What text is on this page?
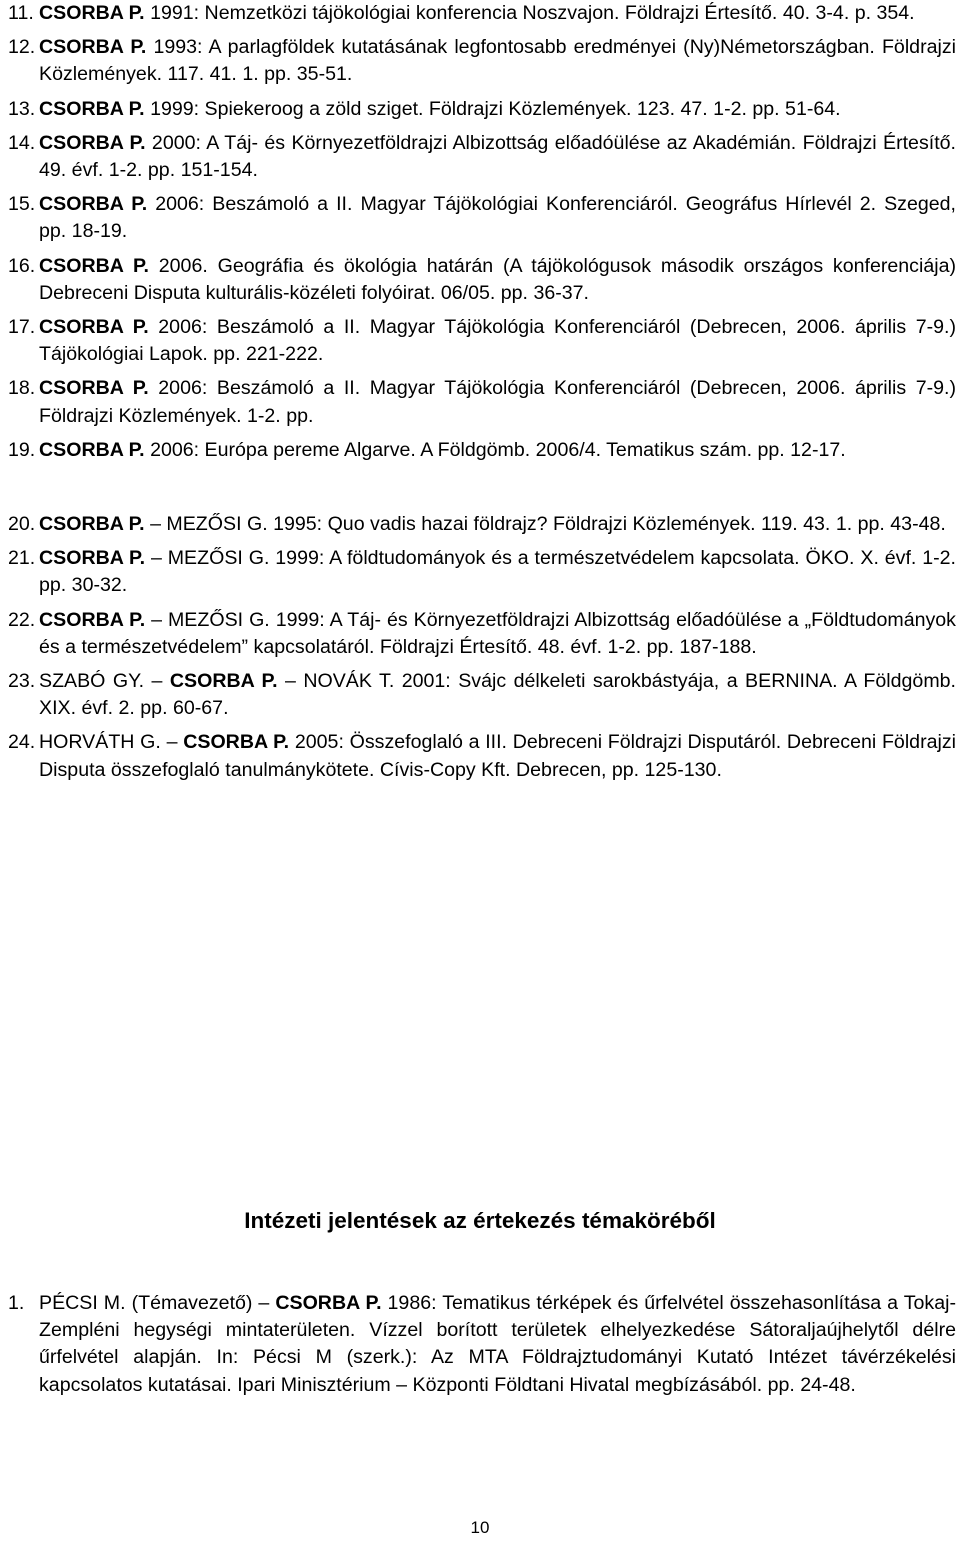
11. CSORBA P. 1991: Nemzetközi tájökológiai konferencia Noszvajon. Földrajzi Értesítő. 40. 3-4. p. 354.
12. CSORBA P. 1993: A parlagföldek kutatásának legfontosabb eredményei (Ny)Németországban. Földrajzi Közlemények. 117. 41. 1. pp. 35-51.
13. CSORBA P. 1999: Spiekeroog a zöld sziget. Földrajzi Közlemények. 123. 47. 1-2. pp. 51-64.
14. CSORBA P. 2000: A Táj- és Környezetföldrajzi Albizottság előadóülése az Akadémián. Földrajzi Értesítő. 49. évf. 1-2. pp. 151-154.
15. CSORBA P. 2006: Beszámoló a II. Magyar Tájökológiai Konferenciáról. Geográfus Hírlevél 2. Szeged, pp. 18-19.
16. CSORBA P. 2006. Geográfia és ökológia határán (A tájökológusok második országos konferenciája) Debreceni Disputa kulturális-közéleti folyóirat. 06/05. pp. 36-37.
17. CSORBA P. 2006: Beszámoló a II. Magyar Tájökológia Konferenciáról (Debrecen, 2006. április 7-9.) Tájökológiai Lapok. pp. 221-222.
18. CSORBA P. 2006: Beszámoló a II. Magyar Tájökológia Konferenciáról (Debrecen, 2006. április 7-9.) Földrajzi Közlemények. 1-2. pp.
19. CSORBA P. 2006: Európa pereme Algarve. A Földgömb. 2006/4. Tematikus szám. pp. 12-17.
20. CSORBA P. – MEZŐSI G. 1995: Quo vadis hazai földrajz? Földrajzi Közlemények. 119. 43. 1. pp. 43-48.
21. CSORBA P. – MEZŐSI G. 1999: A földtudományok és a természetvédelem kapcsolata. ÖKO. X. évf. 1-2. pp. 30-32.
22. CSORBA P. – MEZŐSI G. 1999: A Táj- és Környezetföldrajzi Albizottság előadóülése a „Földtudományok és a természetvédelem” kapcsolatáról. Földrajzi Értesítő. 48. évf. 1-2. pp. 187-188.
23. SZABÓ GY. – CSORBA P. – NOVÁK T. 2001: Svájc délkeleti sarokbástyája, a BERNINA. A Földgömb. XIX. évf. 2. pp. 60-67.
24. HORVÁTH G. – CSORBA P. 2005: Összefoglaló a III. Debreceni Földrajzi Disputáról. Debreceni Földrajzi Disputa összefoglaló tanulmánykötete. Cívis-Copy Kft. Debrecen, pp. 125-130.
Intézeti jelentések az értekezés témaköréből
1. PÉCSI M. (Témavezető) – CSORBA P. 1986: Tematikus térképek és űrfelvétel összehasonlítása a Tokaj-Zempléni hegységi mintaterületen. Vízzel borított területek elhelyezkedése Sátoraljaújhelytől délre űrfelvétel alapján. In: Pécsi M (szerk.): Az MTA Földrajztudományi Kutató Intézet távérzékelési kapcsolatos kutatásai. Ipari Minisztérium – Központi Földtani Hivatal megbízásából. pp. 24-48.
10
